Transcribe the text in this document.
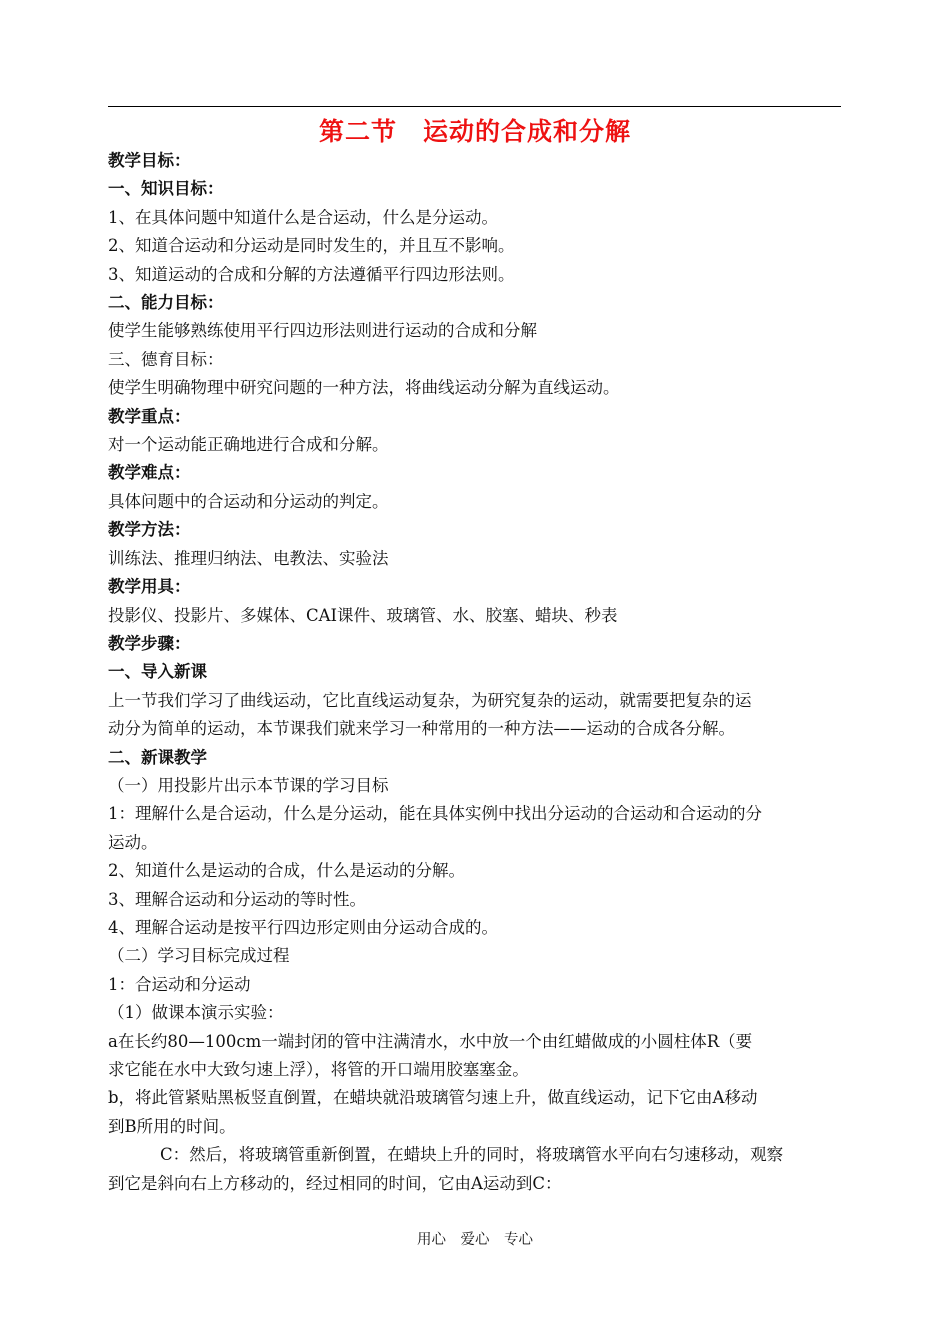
第二节　运动的合成和分解
教学目标：
一、知识目标：
1、在具体问题中知道什么是合运动，什么是分运动。
2、知道合运动和分运动是同时发生的，并且互不影响。
3、知道运动的合成和分解的方法遵循平行四边形法则。
二、能力目标：
使学生能够熟练使用平行四边形法则进行运动的合成和分解
三、德育目标：
使学生明确物理中研究问题的一种方法，将曲线运动分解为直线运动。
教学重点：
对一个运动能正确地进行合成和分解。
教学难点：
具体问题中的合运动和分运动的判定。
教学方法：
训练法、推理归纳法、电教法、实验法
教学用具：
投影仪、投影片、多媒体、CAI课件、玻璃管、水、胶塞、蜡块、秒表
教学步骤：
一、导入新课
上一节我们学习了曲线运动，它比直线运动复杂，为研究复杂的运动，就需要把复杂的运
动分为简单的运动，本节课我们就来学习一种常用的一种方法——运动的合成各分解。
二、新课教学
（一）用投影片出示本节课的学习目标
1：理解什么是合运动，什么是分运动，能在具体实例中找出分运动的合运动和合运动的分
运动。
2、知道什么是运动的合成，什么是运动的分解。
3、理解合运动和分运动的等时性。
4、理解合运动是按平行四边形定则由分运动合成的。
（二）学习目标完成过程
1：合运动和分运动
（1）做课本演示实验：
a在长约80—100cm一端封闭的管中注满清水，水中放一个由红蜡做成的小圆柱体R（要
求它能在水中大致匀速上浮），将管的开口端用胶塞塞金。
b，将此管紧贴黑板竖直倒置，在蜡块就沿玻璃管匀速上升，做直线运动，记下它由A移动
到B所用的时间。
C：然后，将玻璃管重新倒置，在蜡块上升的同时，将玻璃管水平向右匀速移动，观察
到它是斜向右上方移动的，经过相同的时间，它由A运动到C：
用心　爱心　专心
